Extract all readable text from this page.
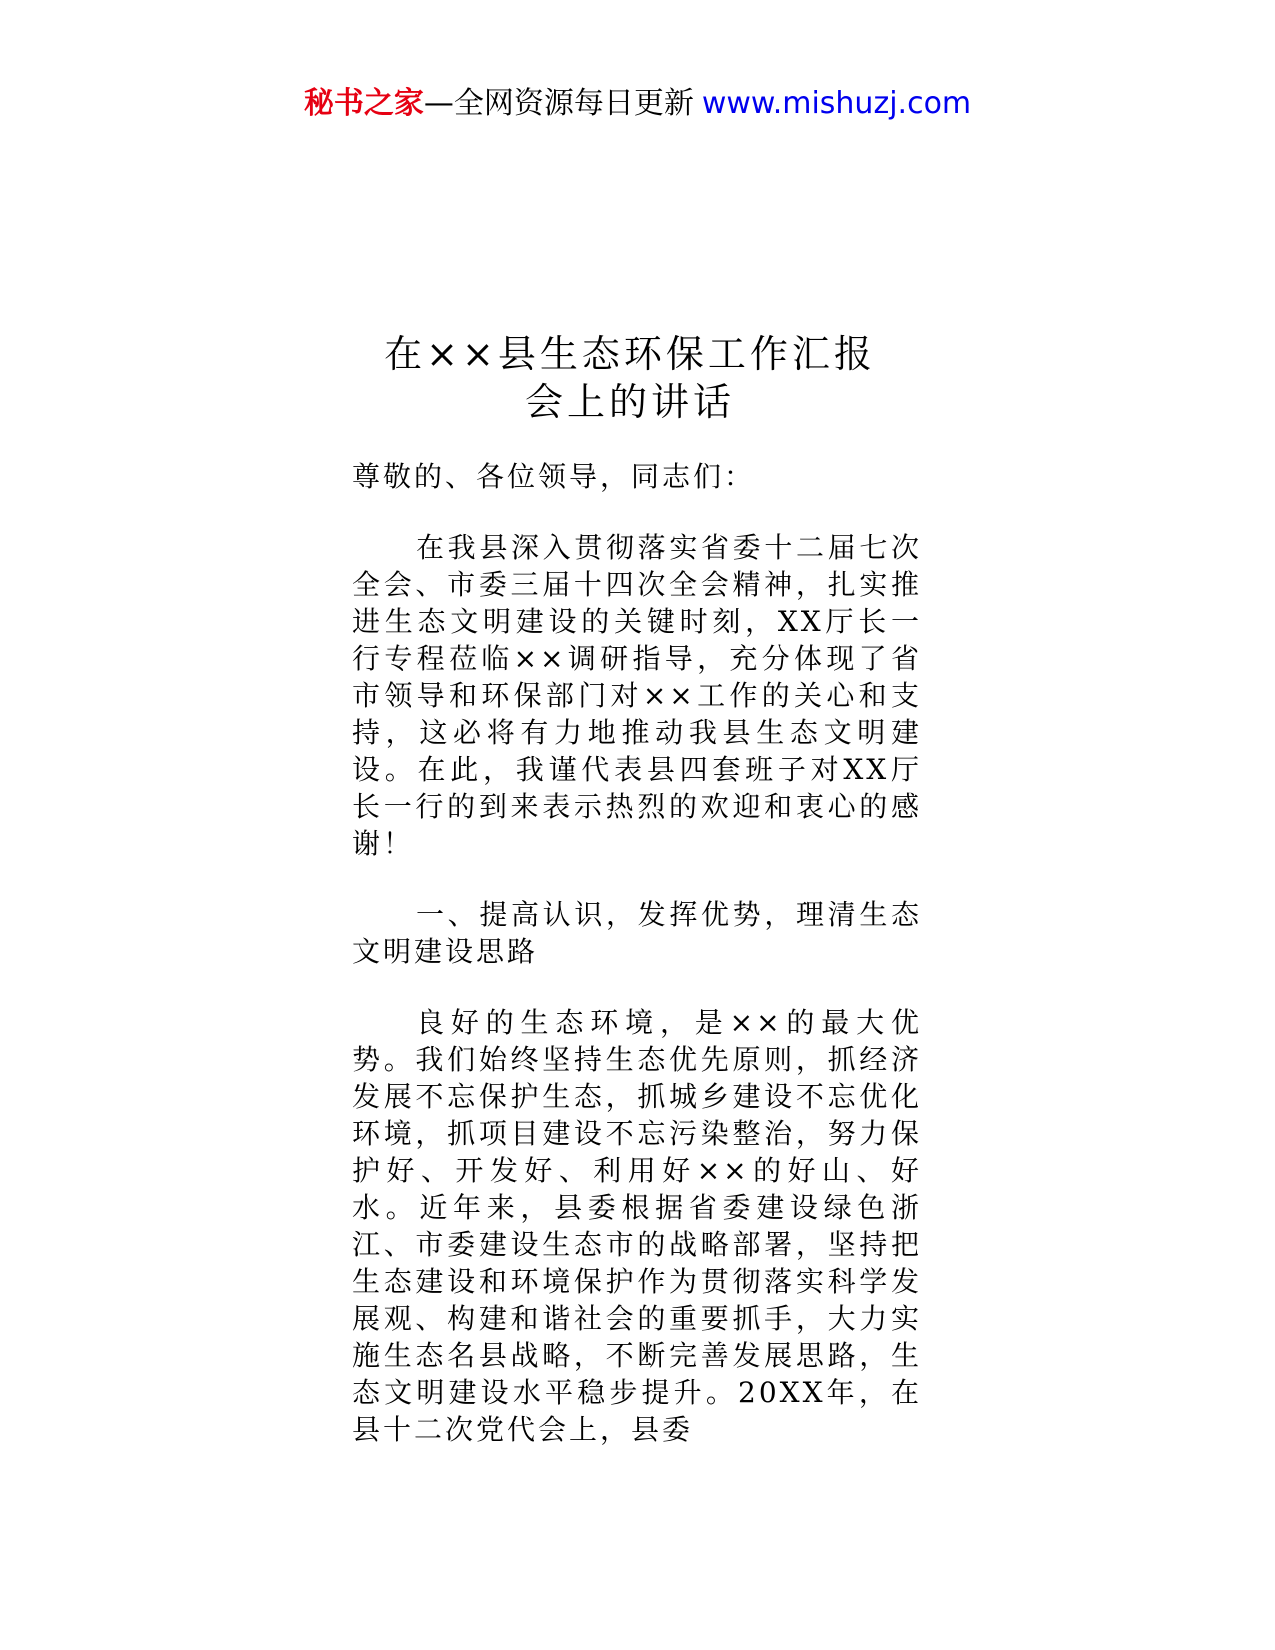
秘书之家—全网资源每日更新 www.mishuzj.com
在××县生态环保工作汇报
会上的讲话

尊敬的、各位领导，同志们：

在我县深入贯彻落实省委十二届七次全会、市委三届十四次全会精神，扎实推进生态文明建设的关键时刻，XX厅长一行专程莅临××调研指导，充分体现了省市领导和环保部门对××工作的关心和支持，这必将有力地推动我县生态文明建设。在此，我谨代表县四套班子对XX厅长一行的到来表示热烈的欢迎和衷心的感谢！

一、提高认识，发挥优势，理清生态文明建设思路

良好的生态环境，是××的最大优势。我们始终坚持生态优先原则，抓经济发展不忘保护生态，抓城乡建设不忘优化环境，抓项目建设不忘污染整治，努力保护好、开发好、利用好××的好山、好水。近年来，县委根据省委建设绿色浙江、市委建设生态市的战略部署，坚持把生态建设和环境保护作为贯彻落实科学发展观、构建和谐社会的重要抓手，大力实施生态名县战略，不断完善发展思路，生态文明建设水平稳步提升。20XX年，在县十二次党代会上，县委
